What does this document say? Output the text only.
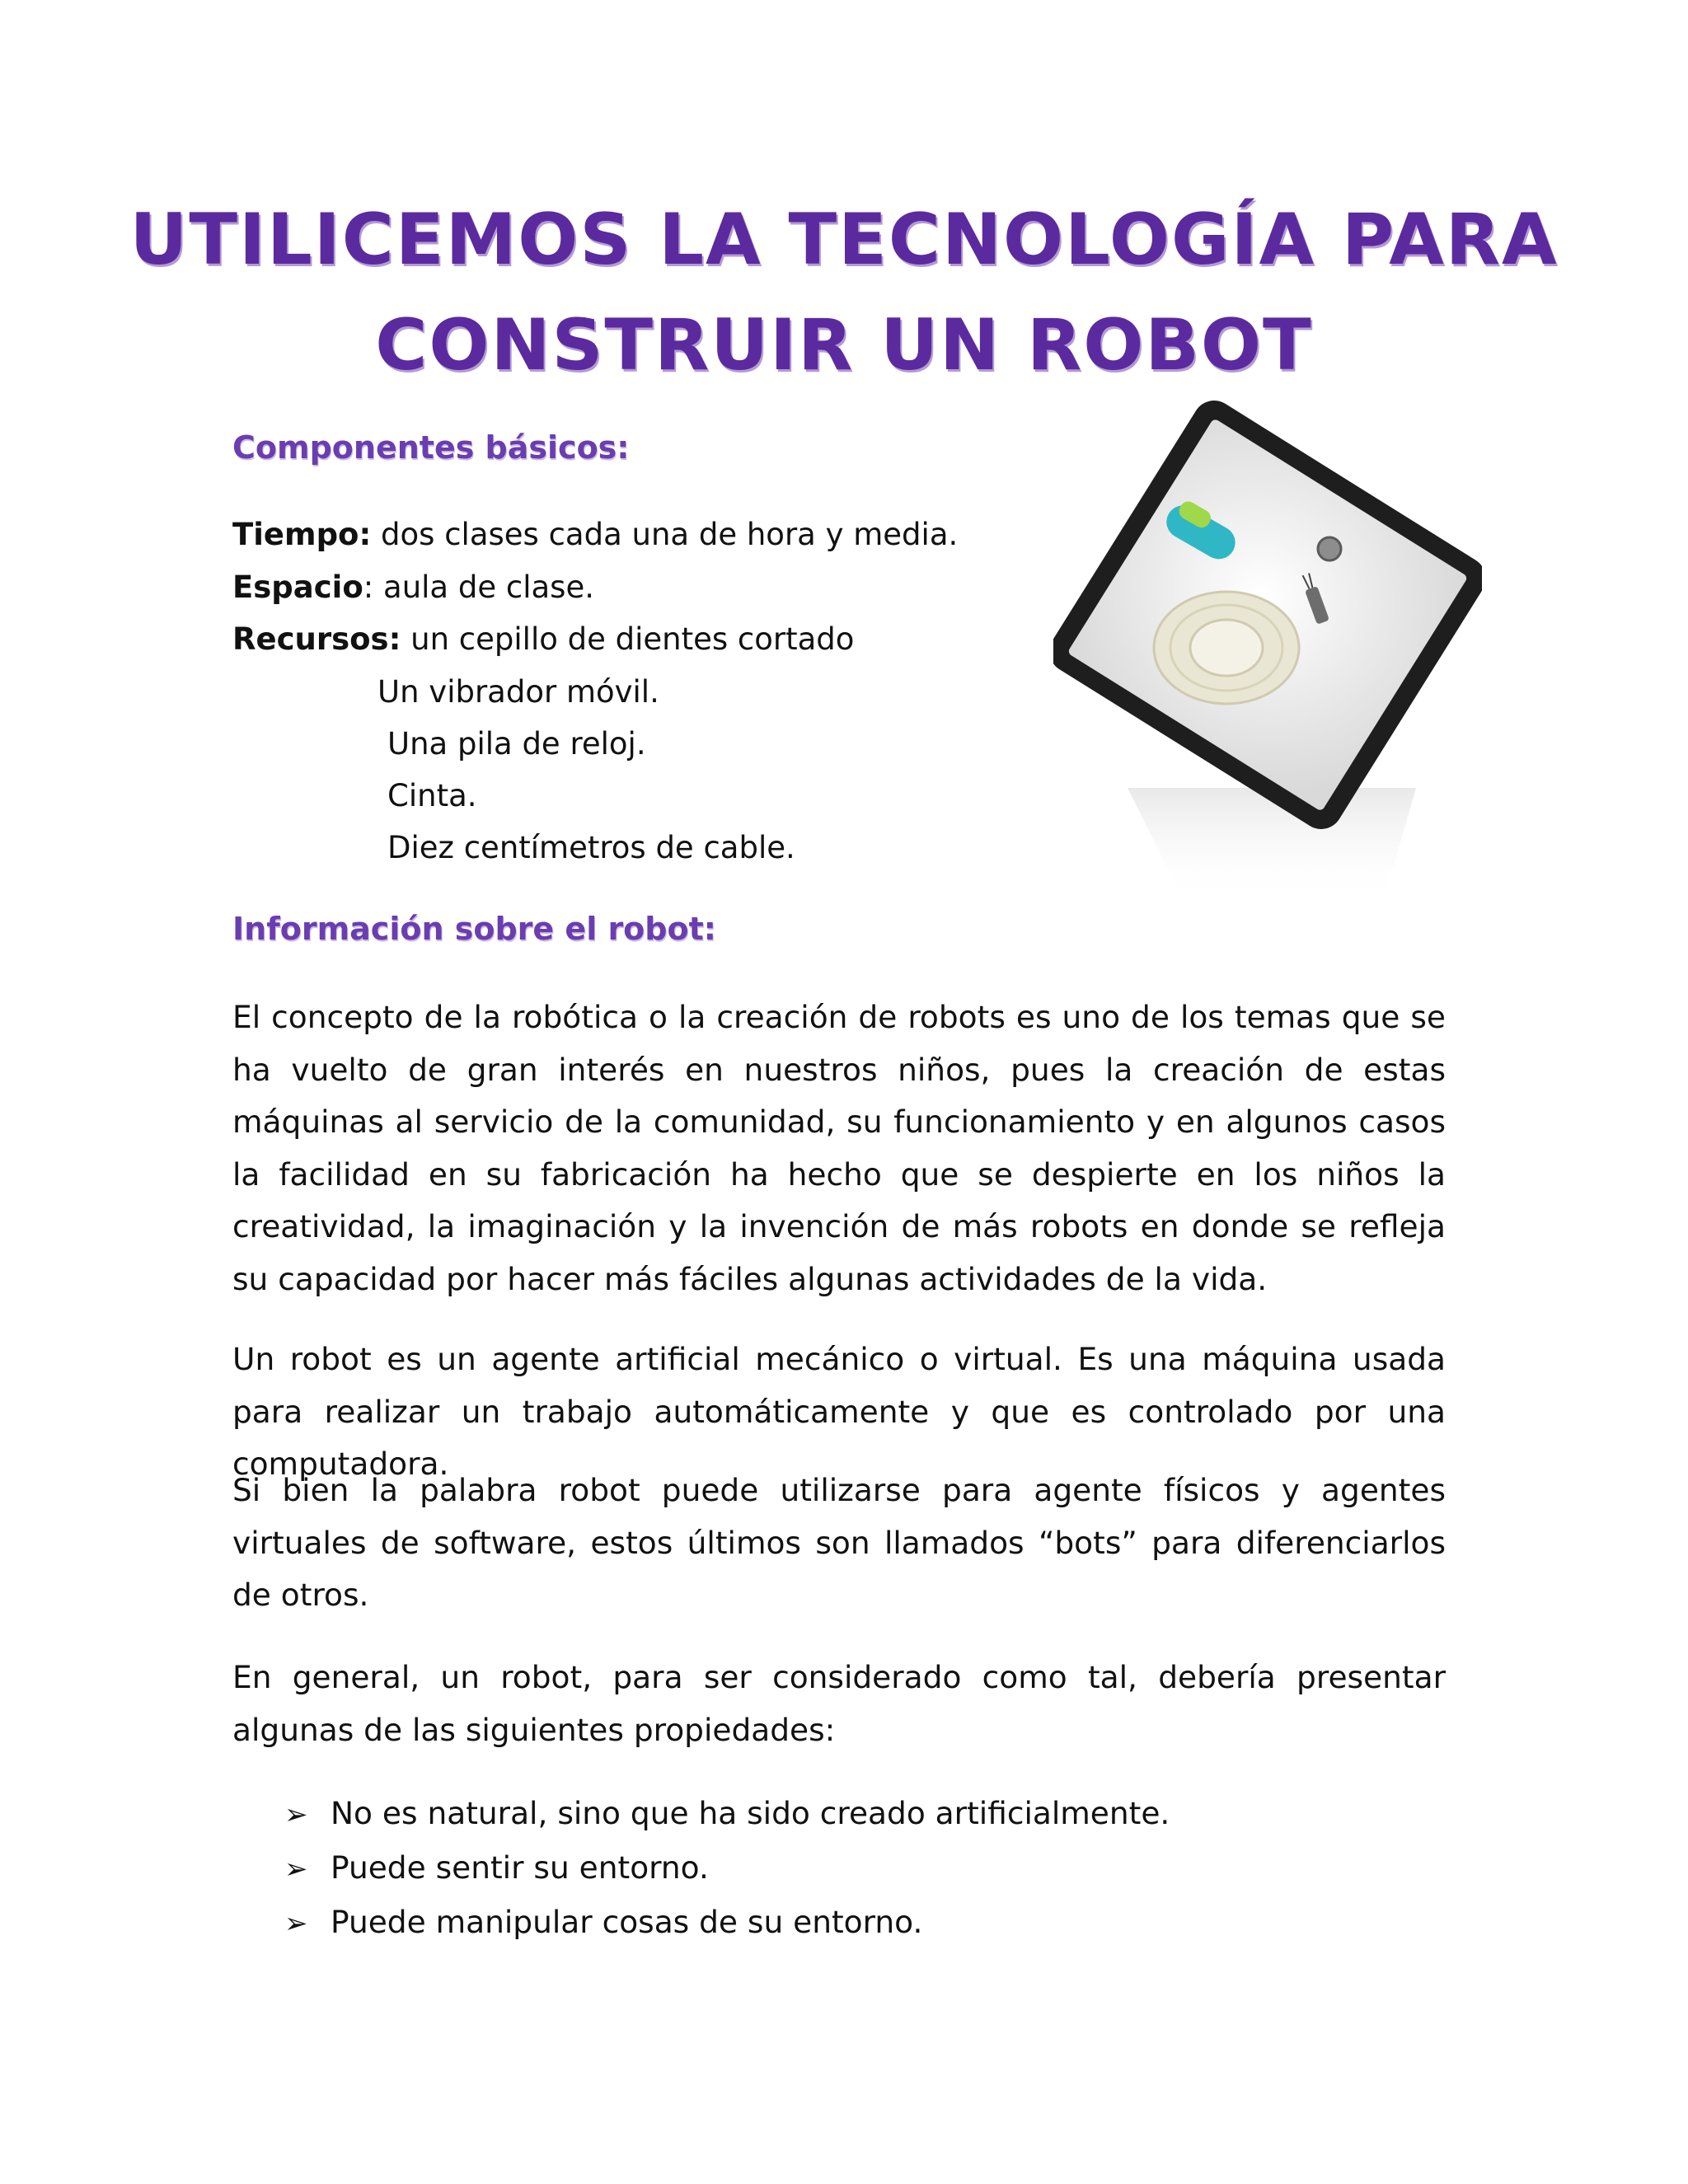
UTILICEMOS LA TECNOLOGÍA PARA
CONSTRUIR UN ROBOT
Componentes básicos:
Tiempo: dos clases cada una de hora y media.
Espacio: aula de clase.
Recursos: un cepillo de dientes cortado
Un vibrador móvil.
Una pila de reloj.
Cinta.
Diez centímetros de cable.
Información sobre el robot:

El concepto de la robótica o la creación de robots es uno de los temas que se ha vuelto de gran interés en nuestros niños, pues la creación de estas máquinas al servicio de la comunidad, su funcionamiento y en algunos casos la facilidad en su fabricación ha hecho que se despierte en los niños la creatividad, la imaginación y la invención de más robots en donde se refleja su capacidad por hacer más fáciles algunas actividades de la vida.

Un robot es un agente artificial mecánico o virtual. Es una máquina usada para realizar un trabajo automáticamente y que es controlado por una computadora.

Si bien la palabra robot puede utilizarse para agente físicos y agentes virtuales de software, estos últimos son llamados “bots” para diferenciarlos de otros.

En general, un robot, para ser considerado como tal, debería presentar algunas de las siguientes propiedades:

➢ No es natural, sino que ha sido creado artificialmente.
➢ Puede sentir su entorno.
➢ Puede manipular cosas de su entorno.
